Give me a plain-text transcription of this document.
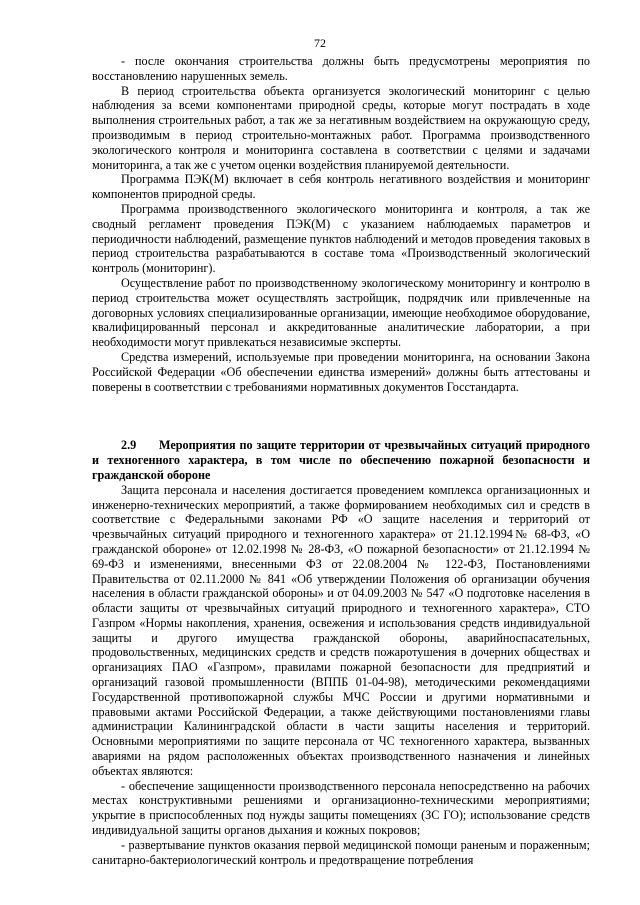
72

- после окончания строительства должны быть предусмотрены мероприятия по восстановлению нарушенных земель.

В период строительства объекта организуется экологический мониторинг с целью наблюдения за всеми компонентами природной среды, которые могут пострадать в ходе выполнения строительных работ, а так же за негативным воздействием на окружающую среду, производимым в период строительно-монтажных работ. Программа производственного экологического контроля и мониторинга составлена в соответствии с целями и задачами мониторинга, а так же с учетом оценки воздействия планируемой деятельности.

Программа ПЭК(М) включает в себя контроль негативного воздействия и мониторинг компонентов природной среды.

Программа производственного экологического мониторинга и контроля, а так же сводный регламент проведения ПЭК(М) с указанием наблюдаемых параметров и периодичности наблюдений, размещение пунктов наблюдений и методов проведения таковых в период строительства разрабатываются в составе тома «Производственный экологический контроль (мониторинг).

Осуществление работ по производственному экологическому мониторингу и контролю в период строительства может осуществлять застройщик, подрядчик или привлеченные на договорных условиях специализированные организации, имеющие необходимое оборудование, квалифицированный персонал и аккредитованные аналитические лаборатории, а при необходимости могут привлекаться независимые эксперты.

Средства измерений, используемые при проведении мониторинга, на основании Закона Российской Федерации «Об обеспечении единства измерений» должны быть аттестованы и поверены в соответствии с требованиями нормативных документов Госстандарта.

2.9 Мероприятия по защите территории от чрезвычайных ситуаций природного и техногенного характера, в том числе по обеспечению пожарной безопасности и гражданской обороне

Защита персонала и населения достигается проведением комплекса организационных и инженерно-технических мероприятий, а также формированием необходимых сил и средств в соответствие с Федеральными законами РФ «О защите населения и территорий от чрезвычайных ситуаций природного и техногенного характера» от 21.12.1994№ 68-ФЗ, «О гражданской обороне» от 12.02.1998 № 28-ФЗ, «О пожарной безопасности» от 21.12.1994 № 69-ФЗ и изменениями, внесенными ФЗ от 22.08.2004 № 122-ФЗ, Постановлениями Правительства от 02.11.2000 № 841 «Об утверждении Положения об организации обучения населения в области гражданской обороны» и от 04.09.2003 № 547 «О подготовке населения в области защиты от чрезвычайных ситуаций природного и техногенного характера», СТО Газпром «Нормы накопления, хранения, освежения и использования средств индивидуальной защиты и другого имущества гражданской обороны, аварийноспасательных, продовольственных, медицинских средств и средств пожаротушения в дочерних обществах и организациях ПАО «Газпром», правилами пожарной безопасности для предприятий и организаций газовой промышленности (ВППБ 01-04-98), методическими рекомендациями Государственной противопожарной службы МЧС России и другими нормативными и правовыми актами Российской Федерации, а также действующими постановлениями главы администрации Калининградской области в части защиты населения и территорий. Основными мероприятиями по защите персонала от ЧС техногенного характера, вызванных авариями на рядом расположенных объектах производственного назначения и линейных объектах являются:

- обеспечение защищенности производственного персонала непосредственно на рабочих местах конструктивными решениями и организационно-техническими мероприятиями; укрытие в приспособленных под нужды защиты помещениях (ЗС ГО); использование средств индивидуальной защиты органов дыхания и кожных покровов;

- развертывание пунктов оказания первой медицинской помощи раненым и пораженным; санитарно-бактериологический контроль и предотвращение потребления
